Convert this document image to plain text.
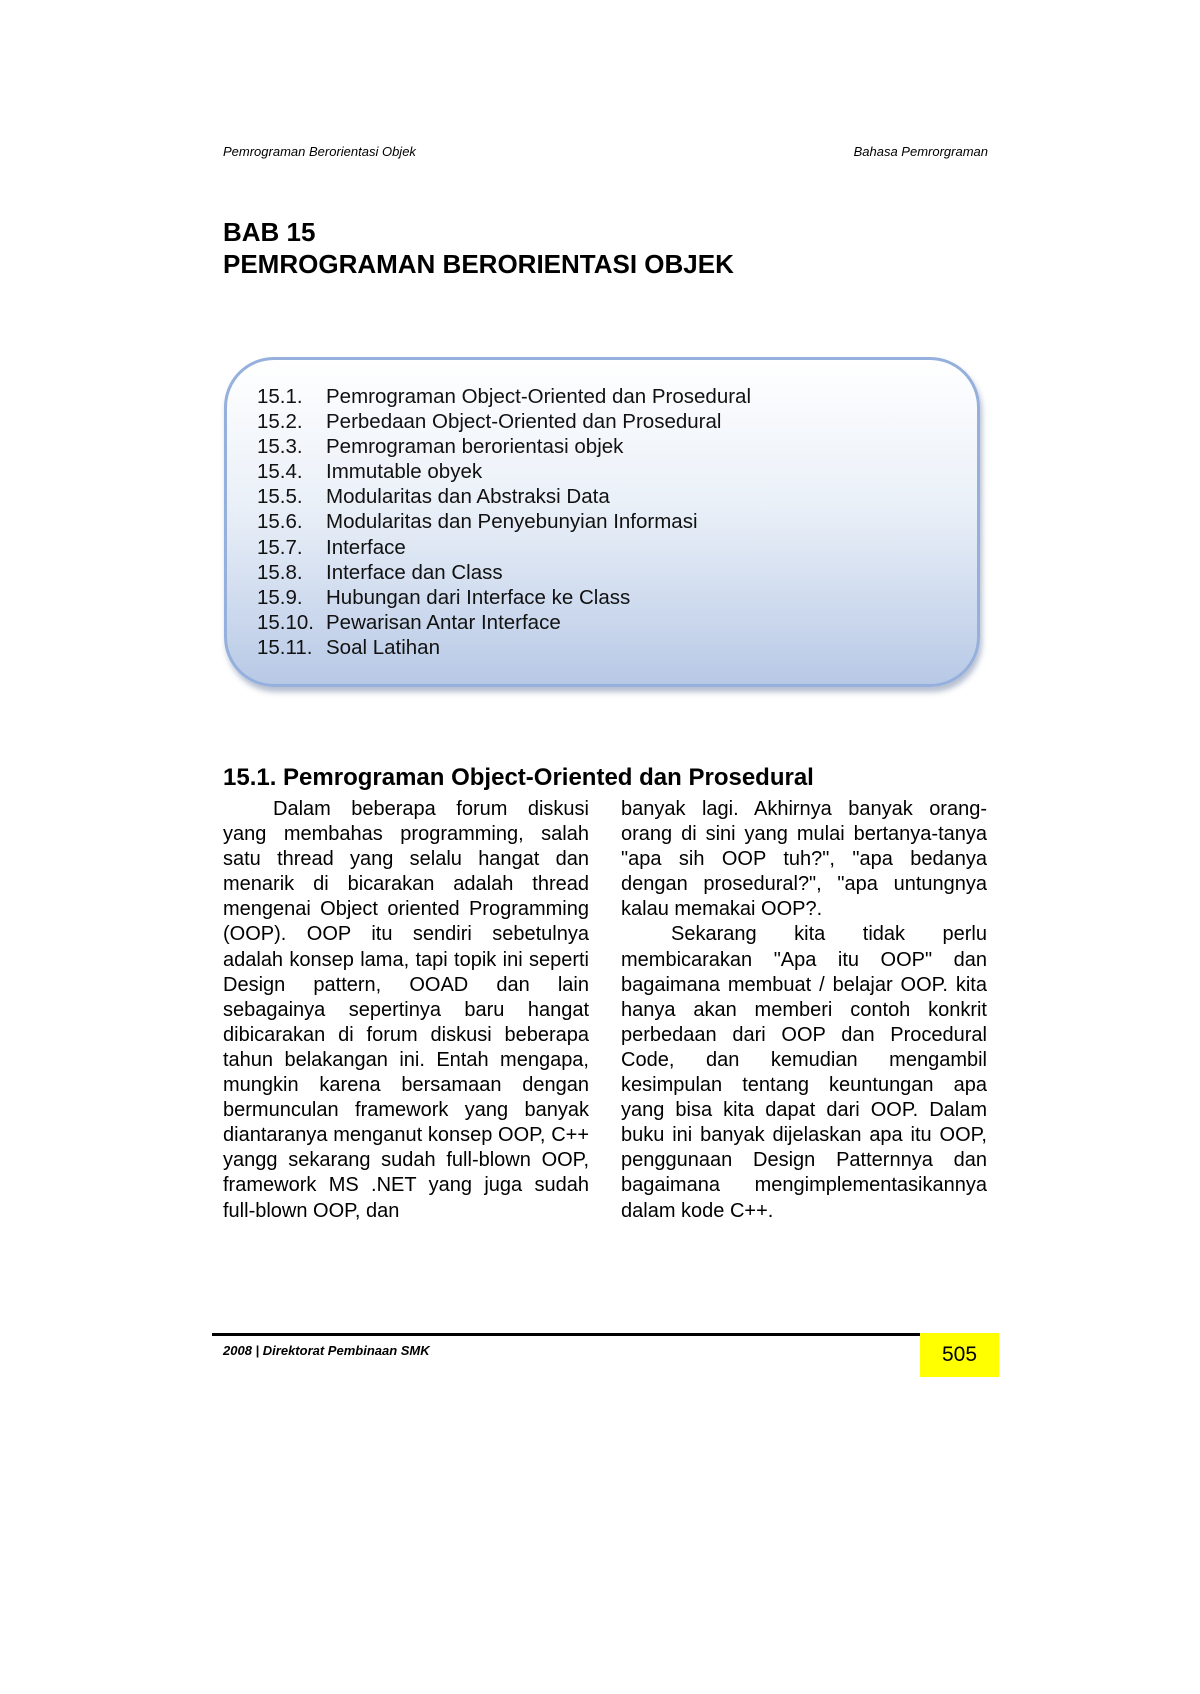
Pemrograman Berorientasi Objek	Bahasa Pemrorgraman
BAB 15
PEMROGRAMAN BERORIENTASI OBJEK
15.1.	Pemrograman Object-Oriented dan Prosedural
15.2.	Perbedaan Object-Oriented dan Prosedural
15.3.	Pemrograman berorientasi objek
15.4.	Immutable obyek
15.5.	Modularitas dan Abstraksi Data
15.6.	Modularitas dan Penyebunyian Informasi
15.7.	Interface
15.8.	Interface dan Class
15.9.	Hubungan dari Interface ke Class
15.10. Pewarisan Antar Interface
15.11. Soal Latihan
15.1. Pemrograman Object-Oriented dan Prosedural

Dalam beberapa forum diskusi yang membahas programming, salah satu thread yang selalu hangat dan menarik di bicarakan adalah thread mengenai Object oriented Programming (OOP). OOP itu sendiri sebetulnya adalah konsep lama, tapi topik ini seperti Design pattern, OOAD dan lain sebagainya sepertinya baru hangat dibicarakan di forum diskusi beberapa tahun belakangan ini. Entah mengapa, mungkin karena bersamaan dengan bermunculan framework yang banyak diantaranya menganut konsep OOP, C++ yangg sekarang sudah full-blown OOP, framework MS .NET yang juga sudah full-blown OOP, dan

banyak lagi. Akhirnya banyak orang-orang di sini yang mulai bertanya-tanya "apa sih OOP tuh?", "apa bedanya dengan prosedural?", "apa untungnya kalau memakai OOP?.

Sekarang kita tidak perlu membicarakan "Apa itu OOP" dan bagaimana membuat / belajar OOP. kita hanya akan memberi contoh konkrit perbedaan dari OOP dan Procedural Code, dan kemudian mengambil kesimpulan tentang keuntungan apa yang bisa kita dapat dari OOP. Dalam buku ini banyak dijelaskan apa itu OOP, penggunaan Design Patternnya dan bagaimana mengimplementasikannya dalam kode C++.

2008 | Direktorat Pembinaan SMK	505
